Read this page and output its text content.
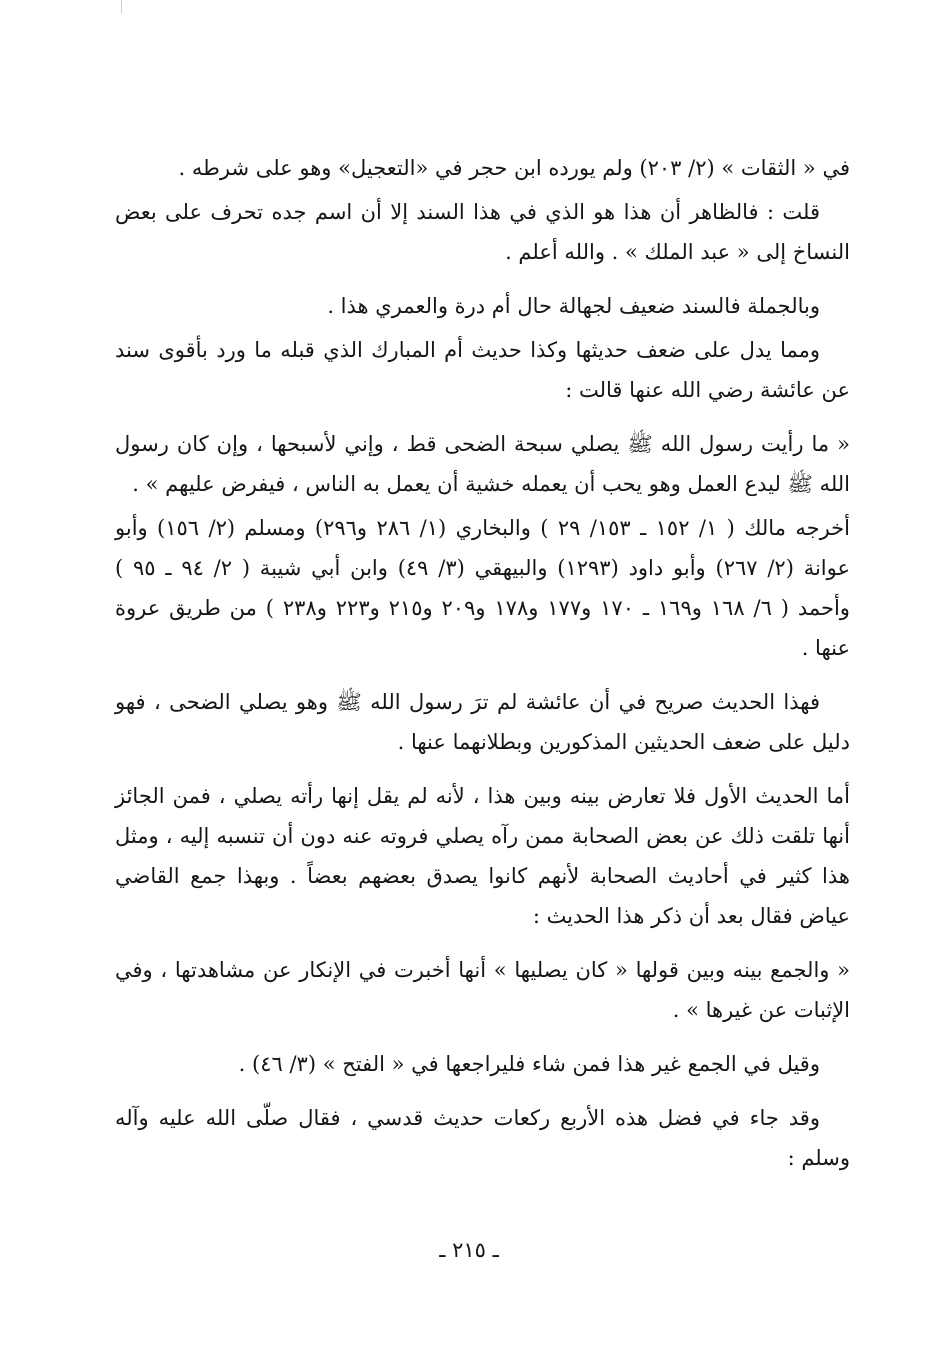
في « الثقات » (٢/ ٢٠٣) ولم يورده ابن حجر في «التعجيل» وهو على شرطه .

قلت : فالظاهر أن هذا هو الذي في هذا السند إلا أن اسم جده تحرف على بعض النساخ إلى « عبد الملك » . والله أعلم .

وبالجملة فالسند ضعيف لجهالة حال أم درة والعمري هذا .

ومما يدل على ضعف حديثها وكذا حديث أم المبارك الذي قبله ما ورد بأقوى سند عن عائشة رضي الله عنها قالت :

« ما رأيت رسول الله ﷺ يصلي سبحة الضحى قط ، وإني لأسبحها ، وإن كان رسول الله ﷺ ليدع العمل وهو يحب أن يعمله خشية أن يعمل به الناس ، فيفرض عليهم » .

أخرجه مالك ( ١/ ١٥٢ ـ ١٥٣/ ٢٩ ) والبخاري (١/ ٢٨٦ و٢٩٦) ومسلم (٢/ ١٥٦) وأبو عوانة (٢/ ٢٦٧) وأبو داود (١٢٩٣) والبيهقي (٣/ ٤٩) وابن أبي شيبة ( ٢/ ٩٤ ـ ٩٥ ) وأحمد ( ٦/ ١٦٨ و١٦٩ ـ ١٧٠ و١٧٧ و١٧٨ و٢٠٩ و٢١٥ و٢٢٣ و٢٣٨ ) من طريق عروة عنها .

فهذا الحديث صريح في أن عائشة لم ترَ رسول الله ﷺ وهو يصلي الضحى ، فهو دليل على ضعف الحديثين المذكورين وبطلانهما عنها .

أما الحديث الأول فلا تعارض بينه وبين هذا ، لأنه لم يقل إنها رأته يصلي ، فمن الجائز أنها تلقت ذلك عن بعض الصحابة ممن رآه يصلي فروته عنه دون أن تنسبه إليه ، ومثل هذا كثير في أحاديث الصحابة لأنهم كانوا يصدق بعضهم بعضاً . وبهذا جمع القاضي عياض فقال بعد أن ذكر هذا الحديث :

« والجمع بينه وبين قولها « كان يصليها » أنها أخبرت في الإنكار عن مشاهدتها ، وفي الإثبات عن غيرها » .

وقيل في الجمع غير هذا فمن شاء فليراجعها في « الفتح » (٣/ ٤٦) .

وقد جاء في فضل هذه الأربع ركعات حديث قدسي ، فقال صلّى الله عليه وآله وسلم :

ـ ٢١٥ ـ
